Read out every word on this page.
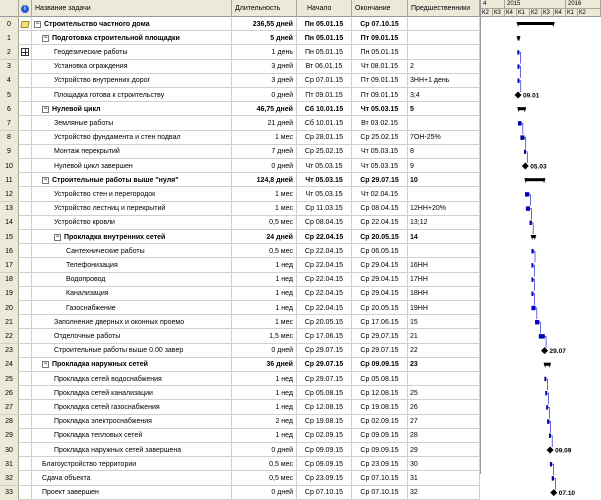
i	Название задачи	Длительность	Начало	Окончание	Предшественники
0	− Строительство частного дома	236,55 дней	Пн 05.01.15	Ср 07.10.15
1	− Подготовка строительной площадки	5 дней	Пн 05.01.15	Пт 09.01.15
2	Геодезические работы	1 день	Пн 05.01.15	Пн 05.01.15
3	Установка ограждения	3 дней	Вт 06.01.15	Чт 08.01.15	2
4	Устройство внутренних дорог	3 дней	Ср 07.01.15	Пт 09.01.15	3НН+1 день
5	Площадка готова к строительству	0 дней	Пт 09.01.15	Пт 09.01.15	3;4
6	− Нулевой цикл	46,75 дней	Сб 10.01.15	Чт 05.03.15	5
7	Земляные работы	21 дней	Сб 10.01.15	Вт 03.02.15
8	Устройство фундамента и стен подвал	1 мес	Ср 28.01.15	Ср 25.02.15	7ОН-25%
9	Монтаж перекрытий	7 дней	Ср 25.02.15	Чт 05.03.15	8
10	Нулевой цикл завершен	0 дней	Чт 05.03.15	Чт 05.03.15	9
11	− Строительные работы выше "нуля"	124,8 дней	Чт 05.03.15	Ср 29.07.15	10
12	Устройство стен и перегородок	1 мес	Чт 05.03.15	Чт 02.04.15
13	Устройство лестниц и перекрытий	1 мес	Ср 11.03.15	Ср 08.04.15	12НН+20%
14	Устройство кровли	0,5 мес	Ср 08.04.15	Ср 22.04.15	13;12
15	− Прокладка внутренних сетей	24 дней	Ср 22.04.15	Ср 20.05.15	14
16	Сантехнические работы	0,5 мес	Ср 22.04.15	Ср 06.05.15
17	Телефонизация	1 нед	Ср 22.04.15	Ср 29.04.15	16НН
18	Водопровод	1 нед	Ср 22.04.15	Ср 29.04.15	17НН
19	Канализация	1 нед	Ср 22.04.15	Ср 29.04.15	18НН
20	Газоснабжение	1 нед	Ср 22.04.15	Ср 20.05.15	19НН
21	Заполнение дверных и оконных проемо	1 мес	Ср 20.05.15	Ср 17.06.15	15
22	Отделочные работы	1,5 мес	Ср 17.06.15	Ср 29.07.15	21
23	Строительные работы выше 0.00 завер	0 дней	Ср 29.07.15	Ср 29.07.15	22
24	− Прокладка наружных сетей	36 дней	Ср 29.07.15	Ср 09.09.15	23
25	Прокладка сетей водоснабжения	1 нед	Ср 29.07.15	Ср 05.08.15
26	Прокладка сетей канализации	1 нед	Ср 05.08.15	Ср 12.08.15	25
27	Прокладка сетей газоснабжения	1 нед	Ср 12.08.15	Ср 19.08.15	26
28	Прокладка электроснабжения	2 нед	Ср 19.08.15	Ср 02.09.15	27
29	Прокладка тепловых сетей	1 нед	Ср 02.09.15	Ср 09.09.15	28
30	Прокладка наружных сетей завершена	0 дней	Ср 09.09.15	Ср 09.09.15	29
31	Благоустройство территории	0,5 мес	Ср 09.09.15	Ср 23.09.15	30
32	Сдача объекта	0,5 мес	Ср 23.09.15	Ср 07.10.15	31
33	Проект завершен	0 дней	Ср 07.10.15	Ср 07.10.15	32
4	2015	2016
К2 К3 К4 К1	К2 К3 К4 К1 К2
09.01
05.03
29.07
09.09
07.10
